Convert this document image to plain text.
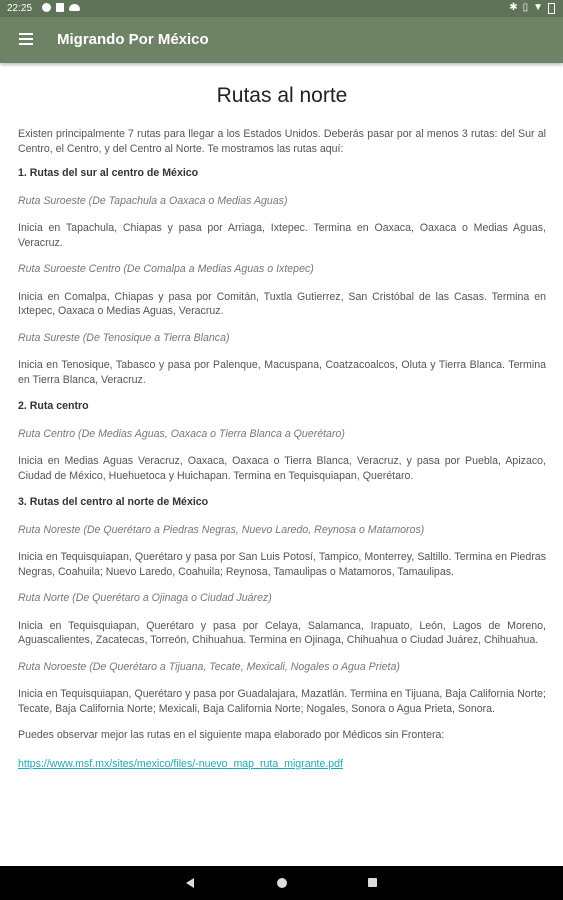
22:25	✱ ▯ ▼
Migrando Por México
Rutas al norte

Existen principalmente 7 rutas para llegar a los Estados Unidos. Deberás pasar por al menos 3 rutas: del Sur al Centro, el Centro, y del Centro al Norte. Te mostramos las rutas aquí:

1. Rutas del sur al centro de México

Ruta Suroeste (De Tapachula a Oaxaca o Medias Aguas)

Inicia en Tapachula, Chiapas y pasa por Arriaga, Ixtepec. Termina en Oaxaca, Oaxaca o Medias Aguas, Veracruz.

Ruta Suroeste Centro (De Comalpa a Medias Aguas o Ixtepec)

Inicia en Comalpa, Chiapas y pasa por Comitán, Tuxtla Gutierrez, San Cristóbal de las Casas. Termina en Ixtepec, Oaxaca o Medias Aguas, Veracruz.

Ruta Sureste (De Tenosique a Tierra Blanca)

Inicia en Tenosique, Tabasco y pasa por Palenque, Macuspana, Coatzacoalcos, Oluta y Tierra Blanca. Termina en Tierra Blanca, Veracruz.

2. Ruta centro

Ruta Centro (De Medias Aguas, Oaxaca o Tierra Blanca a Querétaro)

Inicia en Medias Aguas Veracruz, Oaxaca, Oaxaca o Tierra Blanca, Veracruz, y pasa por Puebla, Apizaco, Ciudad de México, Huehuetoca y Huichapan. Termina en Tequisquiapan, Querétaro.

3. Rutas del centro al norte de México

Ruta Noreste (De Querétaro a Piedras Negras, Nuevo Laredo, Reynosa o Matamoros)

Inicia en Tequisquiapan, Querétaro y pasa por San Luis Potosí, Tampico, Monterrey, Saltillo. Termina en Piedras Negras, Coahuila; Nuevo Laredo, Coahuila; Reynosa, Tamaulipas o Matamoros, Tamaulipas.

Ruta Norte (De Querétaro a Ojinaga o Ciudad Juárez)

Inicia en Tequisquiapan, Querétaro y pasa por Celaya, Salamanca, Irapuato, León, Lagos de Moreno, Aguascalientes, Zacatecas, Torreón, Chihuahua. Termina en Ojinaga, Chihuahua o Ciudad Juárez, Chihuahua.

Ruta Noroeste (De Querétaro a Tijuana, Tecate, Mexicali, Nogales o Agua Prieta)

Inicia en Tequisquiapan, Querétaro y pasa por Guadalajara, Mazatlán. Termina en Tijuana, Baja California Norte; Tecate, Baja California Norte; Mexicali, Baja California Norte; Nogales, Sonora o Agua Prieta, Sonora.

Puedes observar mejor las rutas en el siguiente mapa elaborado por Médicos sin Frontera:

https://www.msf.mx/sites/mexico/files/-nuevo_map_ruta_migrante.pdf
